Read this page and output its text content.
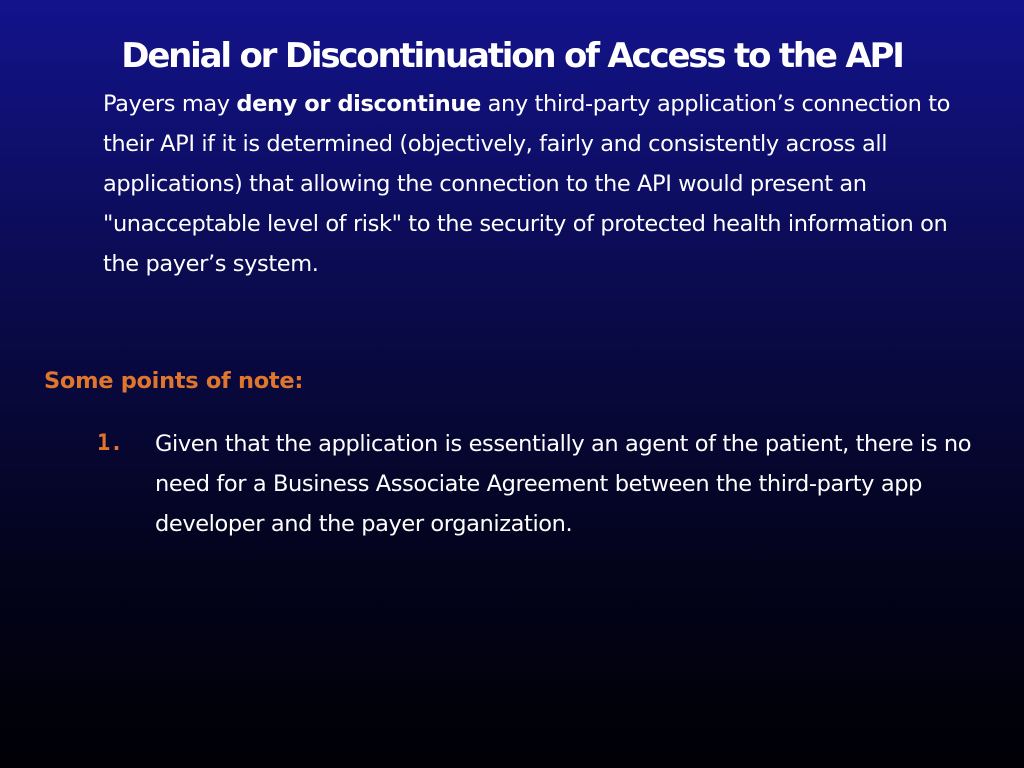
Denial or Discontinuation of Access to the API

Payers may deny or discontinue any third-party application’s connection to their API if it is determined (objectively, fairly and consistently across all applications) that allowing the connection to the API would present an "unacceptable level of risk" to the security of protected health information on the payer’s system.

Some points of note:
1. Given that the application is essentially an agent of the patient, there is no need for a Business Associate Agreement between the third-party app developer and the payer organization.
